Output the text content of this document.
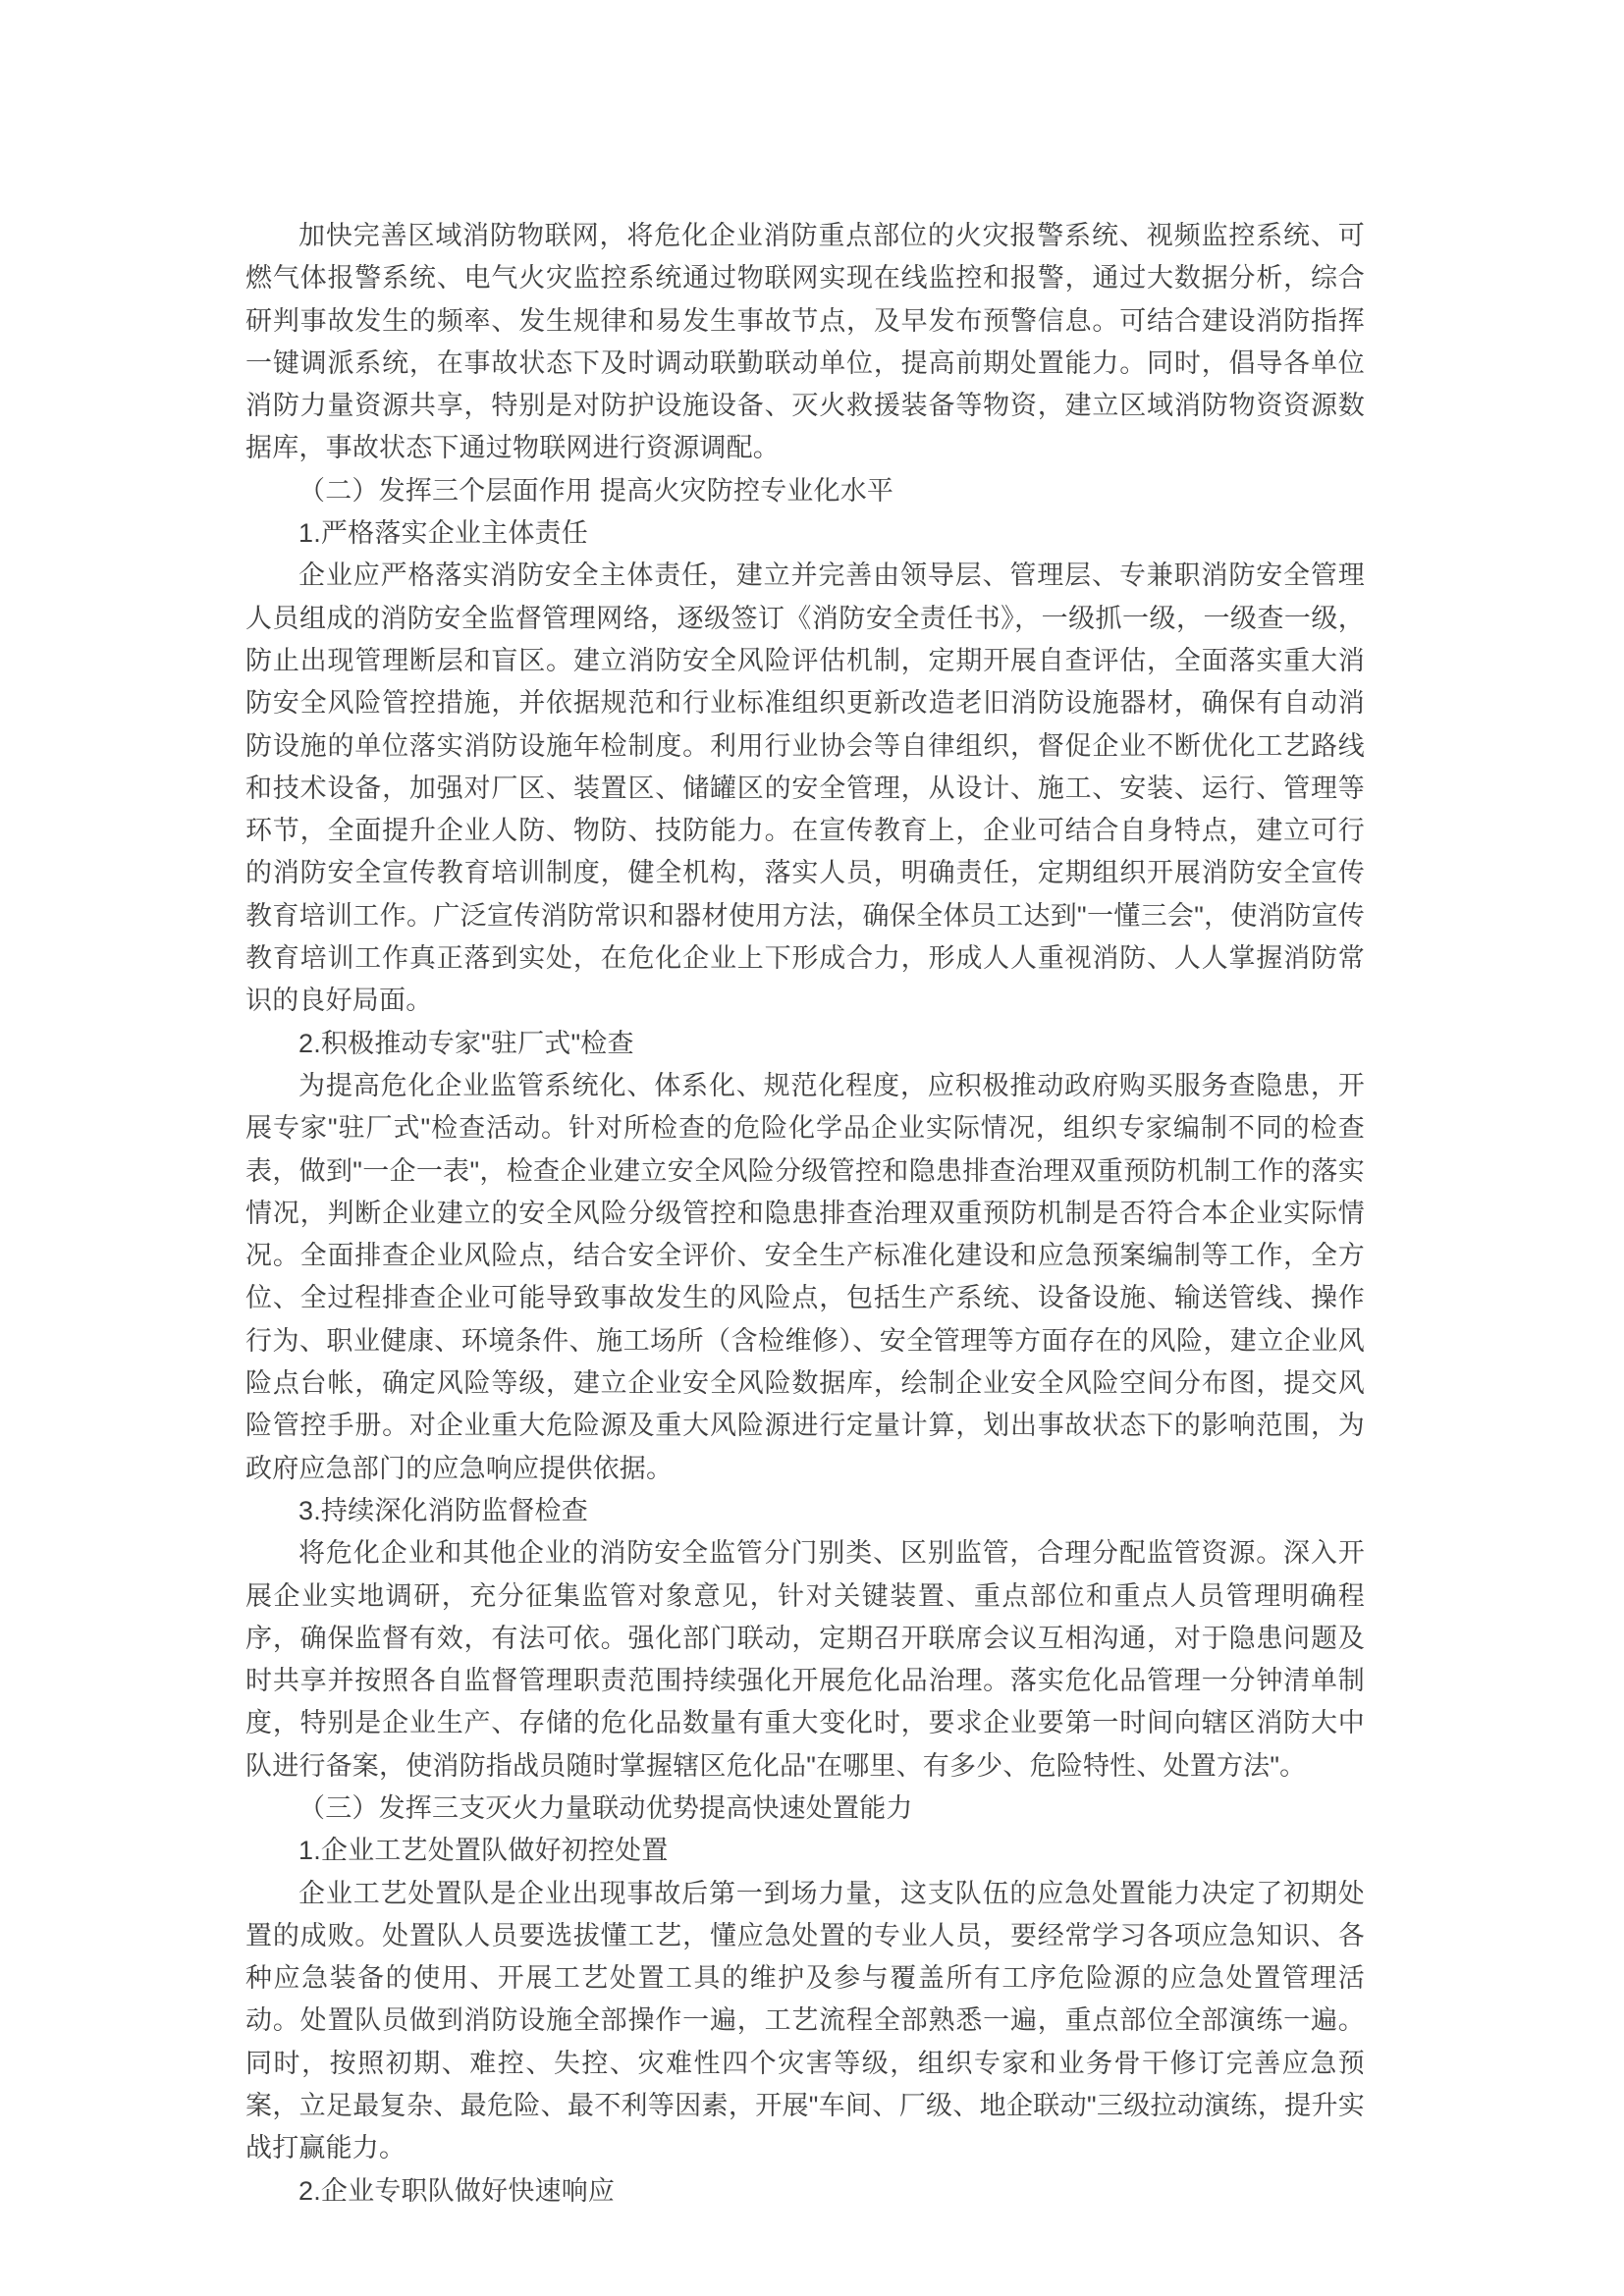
加快完善区域消防物联网，将危化企业消防重点部位的火灾报警系统、视频监控系统、可燃气体报警系统、电气火灾监控系统通过物联网实现在线监控和报警，通过大数据分析，综合研判事故发生的频率、发生规律和易发生事故节点，及早发布预警信息。可结合建设消防指挥一键调派系统，在事故状态下及时调动联勤联动单位，提高前期处置能力。同时，倡导各单位消防力量资源共享，特别是对防护设施设备、灭火救援装备等物资，建立区域消防物资资源数据库，事故状态下通过物联网进行资源调配。

（二）发挥三个层面作用 提高火灾防控专业化水平

1.严格落实企业主体责任

企业应严格落实消防安全主体责任，建立并完善由领导层、管理层、专兼职消防安全管理人员组成的消防安全监督管理网络，逐级签订《消防安全责任书》，一级抓一级，一级查一级，防止出现管理断层和盲区。建立消防安全风险评估机制，定期开展自查评估，全面落实重大消防安全风险管控措施，并依据规范和行业标准组织更新改造老旧消防设施器材，确保有自动消防设施的单位落实消防设施年检制度。利用行业协会等自律组织，督促企业不断优化工艺路线和技术设备，加强对厂区、装置区、储罐区的安全管理，从设计、施工、安装、运行、管理等环节，全面提升企业人防、物防、技防能力。在宣传教育上，企业可结合自身特点，建立可行的消防安全宣传教育培训制度，健全机构，落实人员，明确责任，定期组织开展消防安全宣传教育培训工作。广泛宣传消防常识和器材使用方法，确保全体员工达到"一懂三会"，使消防宣传教育培训工作真正落到实处，在危化企业上下形成合力，形成人人重视消防、人人掌握消防常识的良好局面。

2.积极推动专家"驻厂式"检查

为提高危化企业监管系统化、体系化、规范化程度，应积极推动政府购买服务查隐患，开展专家"驻厂式"检查活动。针对所检查的危险化学品企业实际情况，组织专家编制不同的检查表，做到"一企一表"，检查企业建立安全风险分级管控和隐患排查治理双重预防机制工作的落实情况，判断企业建立的安全风险分级管控和隐患排查治理双重预防机制是否符合本企业实际情况。全面排查企业风险点，结合安全评价、安全生产标准化建设和应急预案编制等工作，全方位、全过程排查企业可能导致事故发生的风险点，包括生产系统、设备设施、输送管线、操作行为、职业健康、环境条件、施工场所（含检维修）、安全管理等方面存在的风险，建立企业风险点台帐，确定风险等级，建立企业安全风险数据库，绘制企业安全风险空间分布图，提交风险管控手册。对企业重大危险源及重大风险源进行定量计算，划出事故状态下的影响范围，为政府应急部门的应急响应提供依据。

3.持续深化消防监督检查

将危化企业和其他企业的消防安全监管分门别类、区别监管，合理分配监管资源。深入开展企业实地调研，充分征集监管对象意见，针对关键装置、重点部位和重点人员管理明确程序，确保监督有效，有法可依。强化部门联动，定期召开联席会议互相沟通，对于隐患问题及时共享并按照各自监督管理职责范围持续强化开展危化品治理。落实危化品管理一分钟清单制度，特别是企业生产、存储的危化品数量有重大变化时，要求企业要第一时间向辖区消防大中队进行备案，使消防指战员随时掌握辖区危化品"在哪里、有多少、危险特性、处置方法"。

（三）发挥三支灭火力量联动优势提高快速处置能力

1.企业工艺处置队做好初控处置

企业工艺处置队是企业出现事故后第一到场力量，这支队伍的应急处置能力决定了初期处置的成败。处置队人员要选拔懂工艺，懂应急处置的专业人员，要经常学习各项应急知识、各种应急装备的使用、开展工艺处置工具的维护及参与覆盖所有工序危险源的应急处置管理活动。处置队员做到消防设施全部操作一遍，工艺流程全部熟悉一遍，重点部位全部演练一遍。同时，按照初期、难控、失控、灾难性四个灾害等级，组织专家和业务骨干修订完善应急预案，立足最复杂、最危险、最不利等因素，开展"车间、厂级、地企联动"三级拉动演练，提升实战打赢能力。

2.企业专职队做好快速响应
